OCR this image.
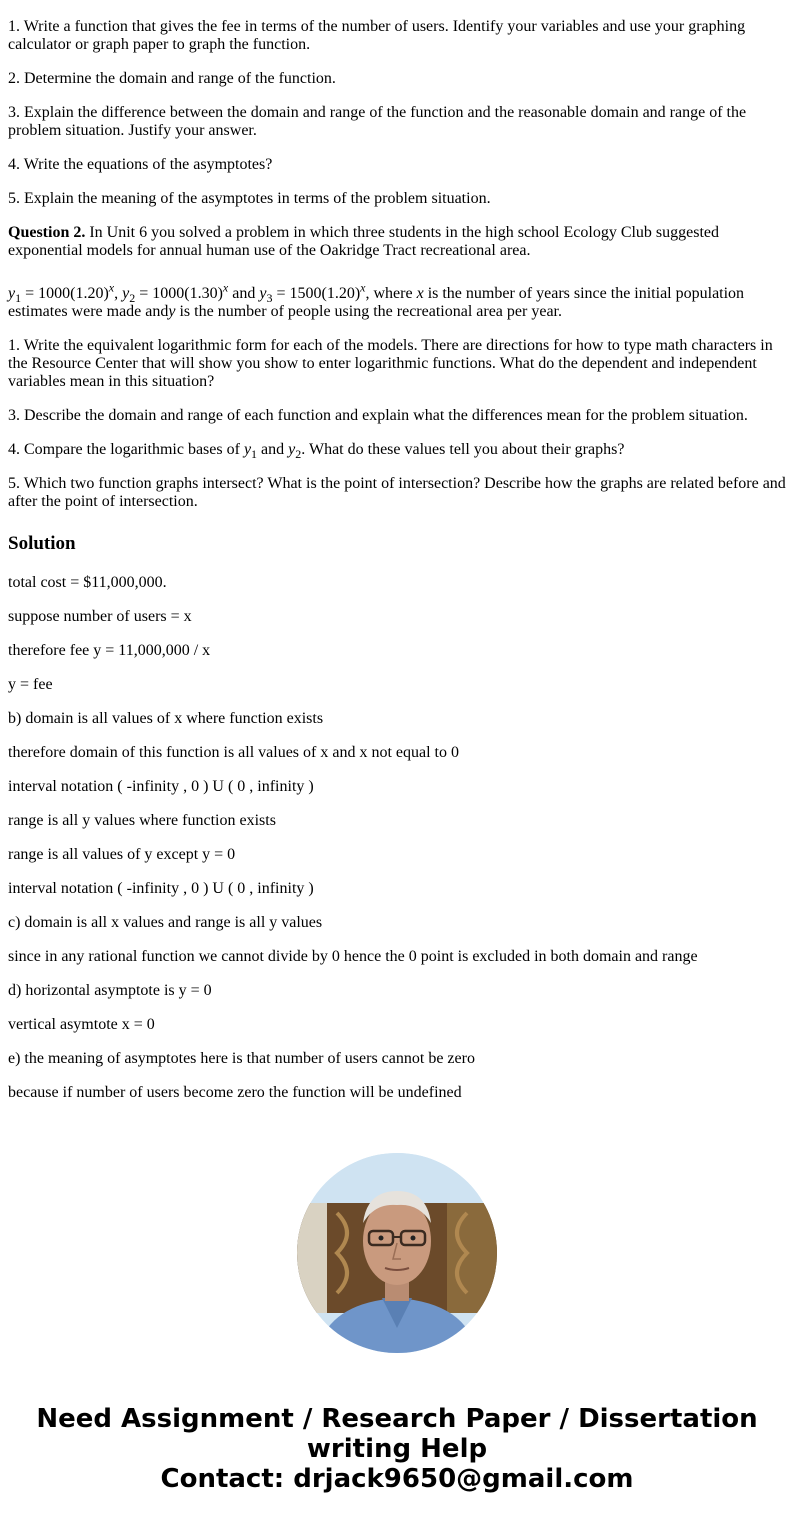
1. Write a function that gives the fee in terms of the number of users. Identify your variables and use your graphing calculator or graph paper to graph the function.

2. Determine the domain and range of the function.

3. Explain the difference between the domain and range of the function and the reasonable domain and range of the problem situation. Justify your answer.

4. Write the equations of the asymptotes?

5. Explain the meaning of the asymptotes in terms of the problem situation.

Question 2. In Unit 6 you solved a problem in which three students in the high school Ecology Club suggested exponential models for annual human use of the Oakridge Tract recreational area.

$y_1 = 1000(1.20)^x$, $y_2 = 1000(1.30)^x$ and $y_3 = 1500(1.20)^x$, where x is the number of years since the initial population estimates were made andy is the number of people using the recreational area per year.

1. Write the equivalent logarithmic form for each of the models. There are directions for how to type math characters in the Resource Center that will show you show to enter logarithmic functions. What do the dependent and independent variables mean in this situation?

3. Describe the domain and range of each function and explain what the differences mean for the problem situation.

4. Compare the logarithmic bases of $y_1$ and $y_2$. What do these values tell you about their graphs?

5. Which two function graphs intersect? What is the point of intersection? Describe how the graphs are related before and after the point of intersection.

Solution

total cost = $11,000,000.

suppose number of users = x

therefore fee y = 11,000,000 / x

y = fee

b) domain is all values of x where function exists

therefore domain of this function is all values of x and x not equal to 0

interval notation ( -infinity , 0 ) U ( 0 , infinity )

range is all y values where function exists

range is all values of y except y = 0

interval notation ( -infinity , 0 ) U ( 0 , infinity )

c) domain is all x values and range is all y values

since in any rational function we cannot divide by 0 hence the 0 point is excluded in both domain and range

d) horizontal asymptote is y = 0

vertical asymtote x = 0

e) the meaning of asymptotes here is that number of users cannot be zero

because if number of users become zero the function will be undefined

Need Assignment / Research Paper / Dissertation writing Help
Contact: drjack9650@gmail.com
